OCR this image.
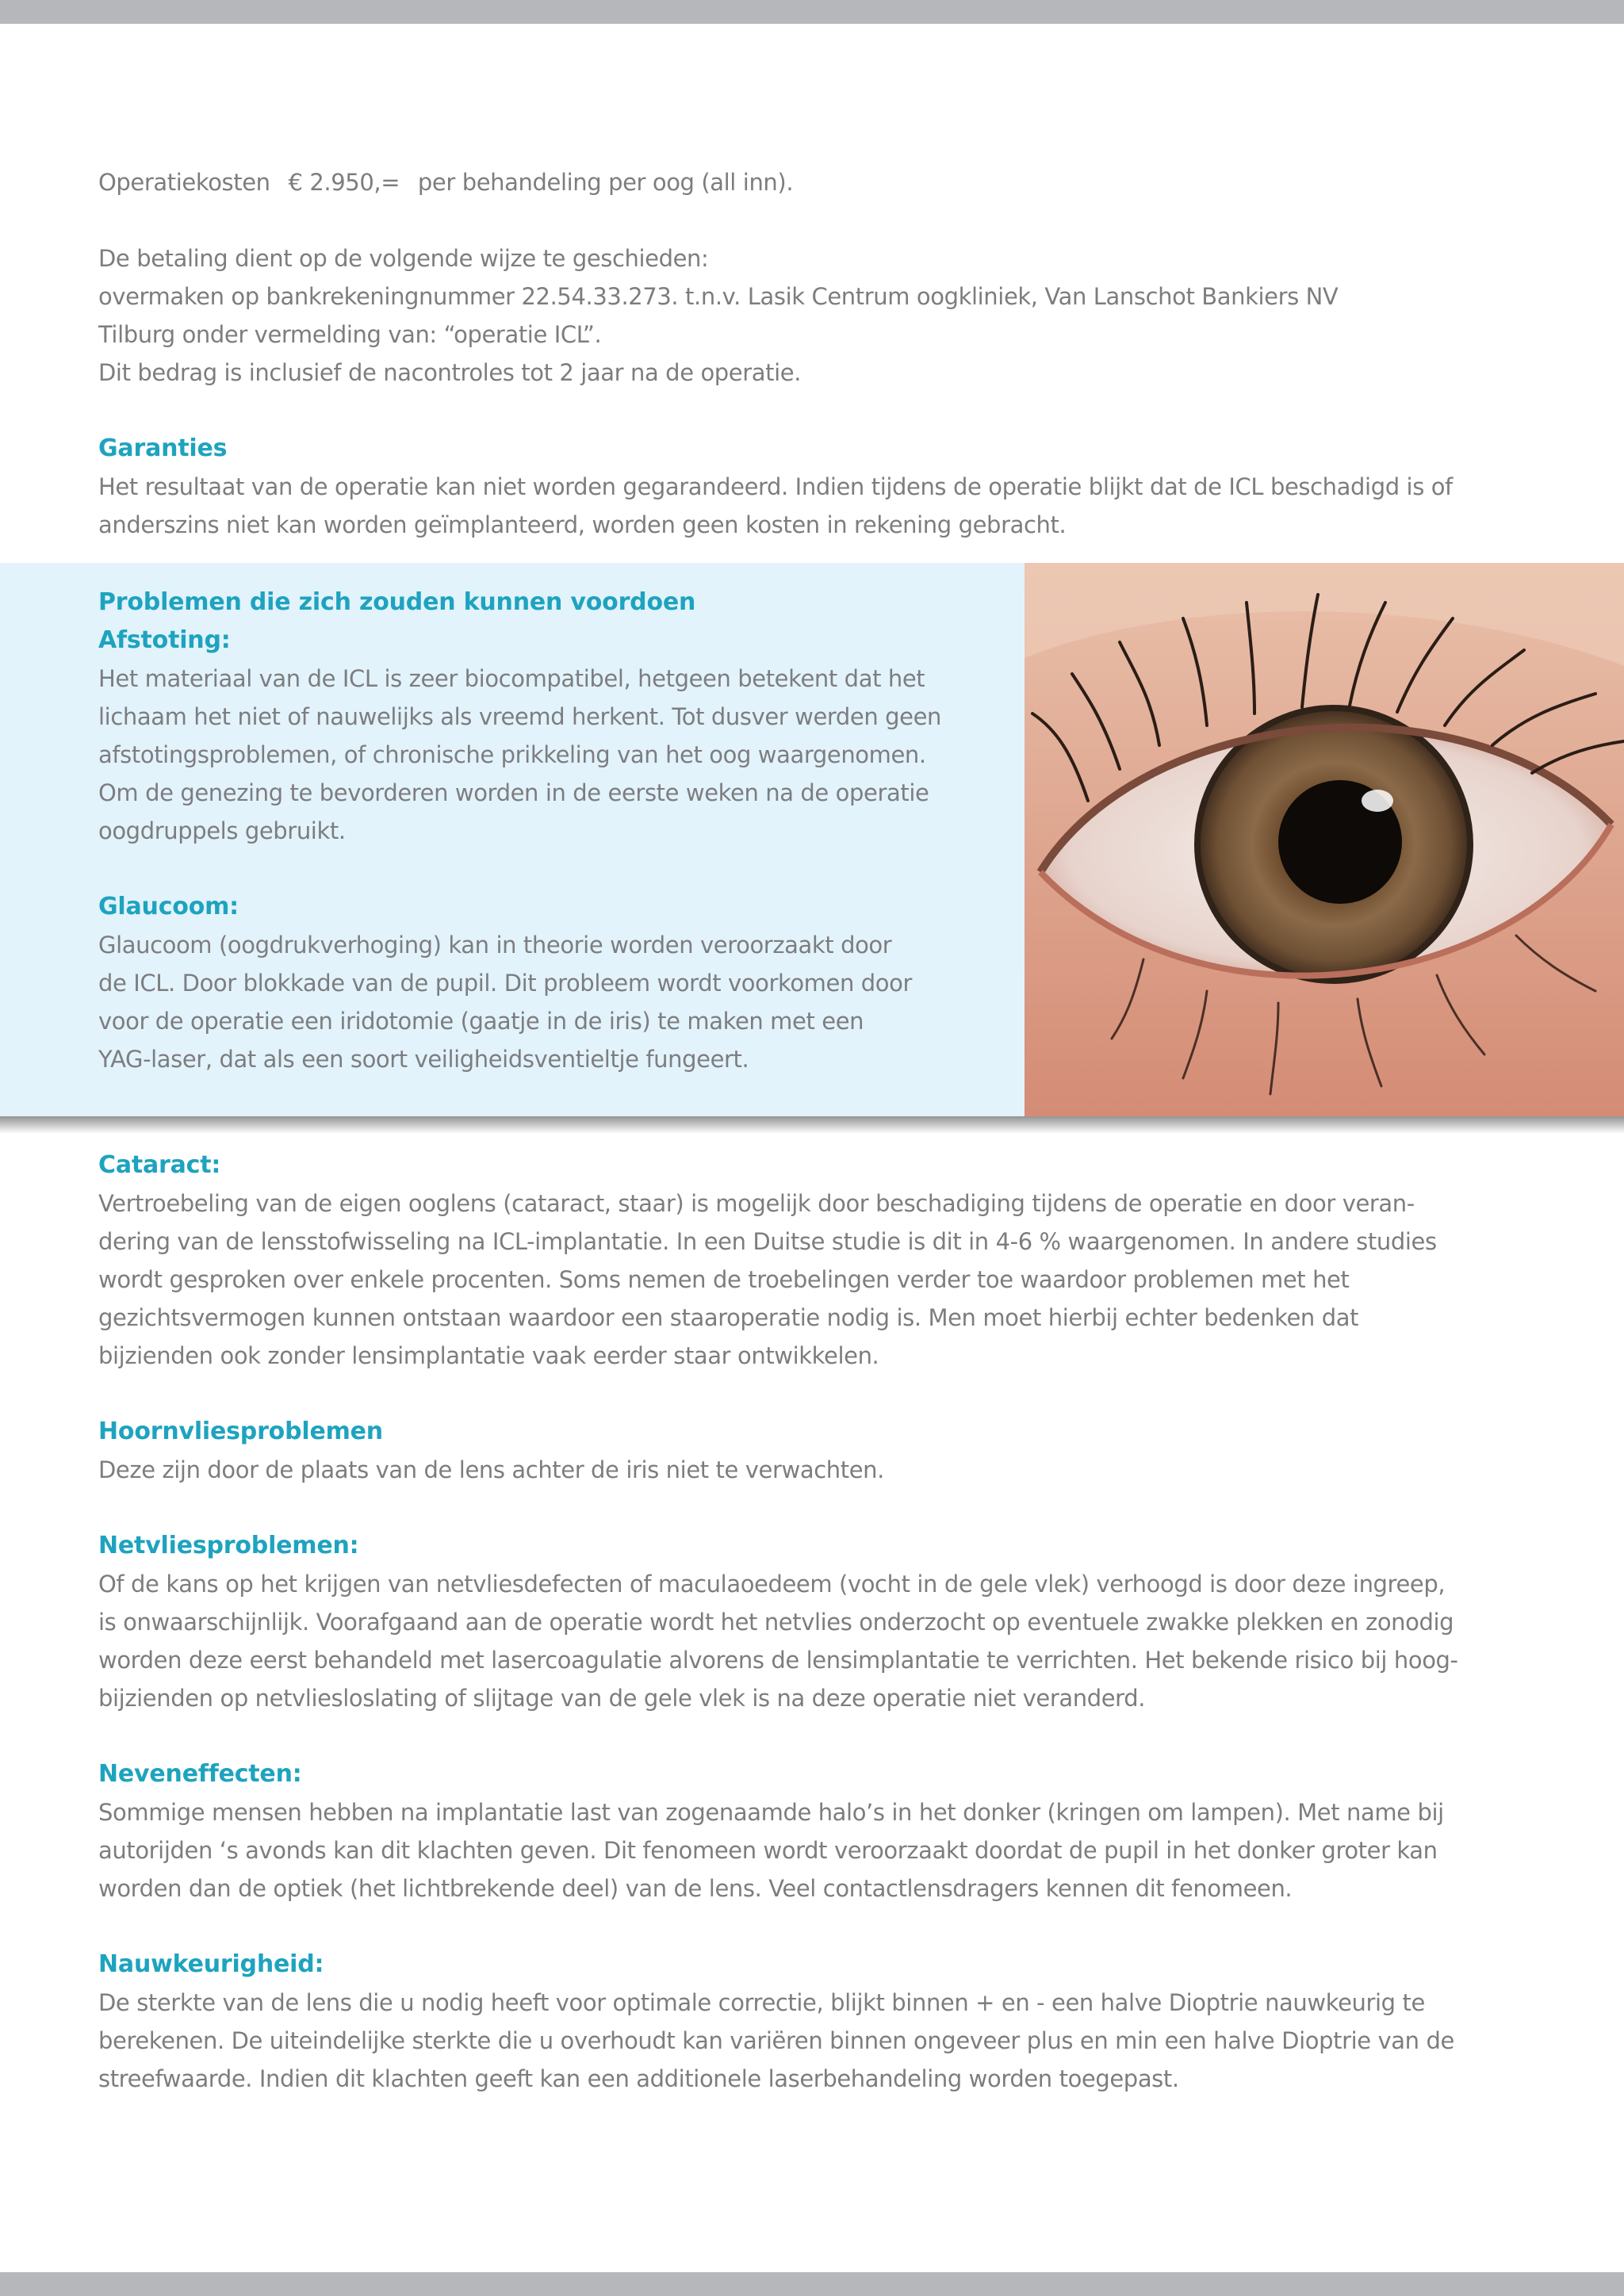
Operatiekosten € 2.950,= per behandeling per oog (all inn).

De betaling dient op de volgende wijze te geschieden:

overmaken op bankrekeningnummer 22.54.33.273. t.n.v. Lasik Centrum oogkliniek, Van Lanschot Bankiers NV

Tilburg onder vermelding van: “operatie ICL”.

Dit bedrag is inclusief de nacontroles tot 2 jaar na de operatie.

Garanties

Het resultaat van de operatie kan niet worden gegarandeerd. Indien tijdens de operatie blijkt dat de ICL beschadigd is of

anderszins niet kan worden geïmplanteerd, worden geen kosten in rekening gebracht.

Problemen die zich zouden kunnen voordoen
Afstoting:

Het materiaal van de ICL is zeer biocompatibel, hetgeen betekent dat het

lichaam het niet of nauwelijks als vreemd herkent. Tot dusver werden geen

afstotingsproblemen, of chronische prikkeling van het oog waargenomen.

Om de genezing te bevorderen worden in de eerste weken na de operatie

oogdruppels gebruikt.

Glaucoom:

Glaucoom (oogdrukverhoging) kan in theorie worden veroorzaakt door

de ICL. Door blokkade van de pupil. Dit probleem wordt voorkomen door

voor de operatie een iridotomie (gaatje in de iris) te maken met een

YAG-laser, dat als een soort veiligheidsventieltje fungeert.

Cataract:

Vertroebeling van de eigen ooglens (cataract, staar) is mogelijk door beschadiging tijdens de operatie en door veran-

dering van de lensstofwisseling na ICL-implantatie. In een Duitse studie is dit in 4-6 % waargenomen. In andere studies

wordt gesproken over enkele procenten. Soms nemen de troebelingen verder toe waardoor problemen met het

gezichtsvermogen kunnen ontstaan waardoor een staaroperatie nodig is. Men moet hierbij echter bedenken dat

bijzienden ook zonder lensimplantatie vaak eerder staar ontwikkelen.

Hoornvliesproblemen

Deze zijn door de plaats van de lens achter de iris niet te verwachten.

Netvliesproblemen:

Of de kans op het krijgen van netvliesdefecten of maculaoedeem (vocht in de gele vlek) verhoogd is door deze ingreep,

is onwaarschijnlijk. Voorafgaand aan de operatie wordt het netvlies onderzocht op eventuele zwakke plekken en zonodig

worden deze eerst behandeld met lasercoagulatie alvorens de lensimplantatie te verrichten. Het bekende risico bij hoog-

bijzienden op netvliesloslating of slijtage van de gele vlek is na deze operatie niet veranderd.

Neveneffecten:

Sommige mensen hebben na implantatie last van zogenaamde halo’s in het donker (kringen om lampen). Met name bij

autorijden ‘s avonds kan dit klachten geven. Dit fenomeen wordt veroorzaakt doordat de pupil in het donker groter kan

worden dan de optiek (het lichtbrekende deel) van de lens. Veel contactlensdragers kennen dit fenomeen.

Nauwkeurigheid:

De sterkte van de lens die u nodig heeft voor optimale correctie, blijkt binnen + en - een halve Dioptrie nauwkeurig te

berekenen. De uiteindelijke sterkte die u overhoudt kan variëren binnen ongeveer plus en min een halve Dioptrie van de

streefwaarde. Indien dit klachten geeft kan een additionele laserbehandeling worden toegepast.
